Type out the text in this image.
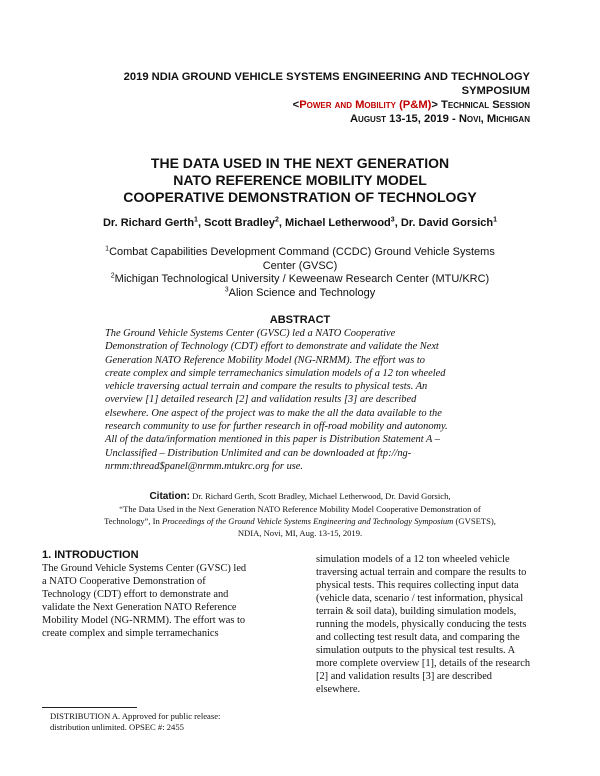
2019 NDIA GROUND VEHICLE SYSTEMS ENGINEERING AND TECHNOLOGY
SYMPOSIUM
<Power and Mobility (P&M)> Technical Session
August 13-15, 2019 - Novi, Michigan
THE DATA USED IN THE NEXT GENERATION
NATO REFERENCE MOBILITY MODEL
COOPERATIVE DEMONSTRATION OF TECHNOLOGY
Dr. Richard Gerth$^1$, Scott Bradley$^2$, Michael Letherwood$^3$, Dr. David Gorsich$^1$
$^1$Combat Capabilities Development Command (CCDC) Ground Vehicle Systems
Center (GVSC)
$^2$Michigan Technological University / Keweenaw Research Center (MTU/KRC)
$^3$Alion Science and Technology
ABSTRACT
The Ground Vehicle Systems Center (GVSC) led a NATO Cooperative
Demonstration of Technology (CDT) effort to demonstrate and validate the Next
Generation NATO Reference Mobility Model (NG-NRMM). The effort was to
create complex and simple terramechanics simulation models of a 12 ton wheeled
vehicle traversing actual terrain and compare the results to physical tests. An
overview [1] detailed research [2] and validation results [3] are described
elsewhere. One aspect of the project was to make the all the data available to the
research community to use for further research in off-road mobility and autonomy.
All of the data/information mentioned in this paper is Distribution Statement A –
Unclassified – Distribution Unlimited and can be downloaded at ftp://ng-
nrmm:thread$panel@nrmm.mtukrc.org for use.
Citation: Dr. Richard Gerth, Scott Bradley, Michael Letherwood, Dr. David Gorsich,
“The Data Used in the Next Generation NATO Reference Mobility Model Cooperative Demonstration of
Technology”, In Proceedings of the Ground Vehicle Systems Engineering and Technology Symposium (GVSETS),
NDIA, Novi, MI, Aug. 13-15, 2019.
1. INTRODUCTION
The Ground Vehicle Systems Center (GVSC) led
a NATO Cooperative Demonstration of
Technology (CDT) effort to demonstrate and
validate the Next Generation NATO Reference
Mobility Model (NG-NRMM). The effort was to
create complex and simple terramechanics
simulation models of a 12 ton wheeled vehicle
traversing actual terrain and compare the results to
physical tests. This requires collecting input data
(vehicle data, scenario / test information, physical
terrain & soil data), building simulation models,
running the models, physically conducing the tests
and collecting test result data, and comparing the
simulation outputs to the physical test results. A
more complete overview [1], details of the research
[2] and validation results [3] are described
elsewhere.
DISTRIBUTION A. Approved for public release:
distribution unlimited. OPSEC #: 2455
